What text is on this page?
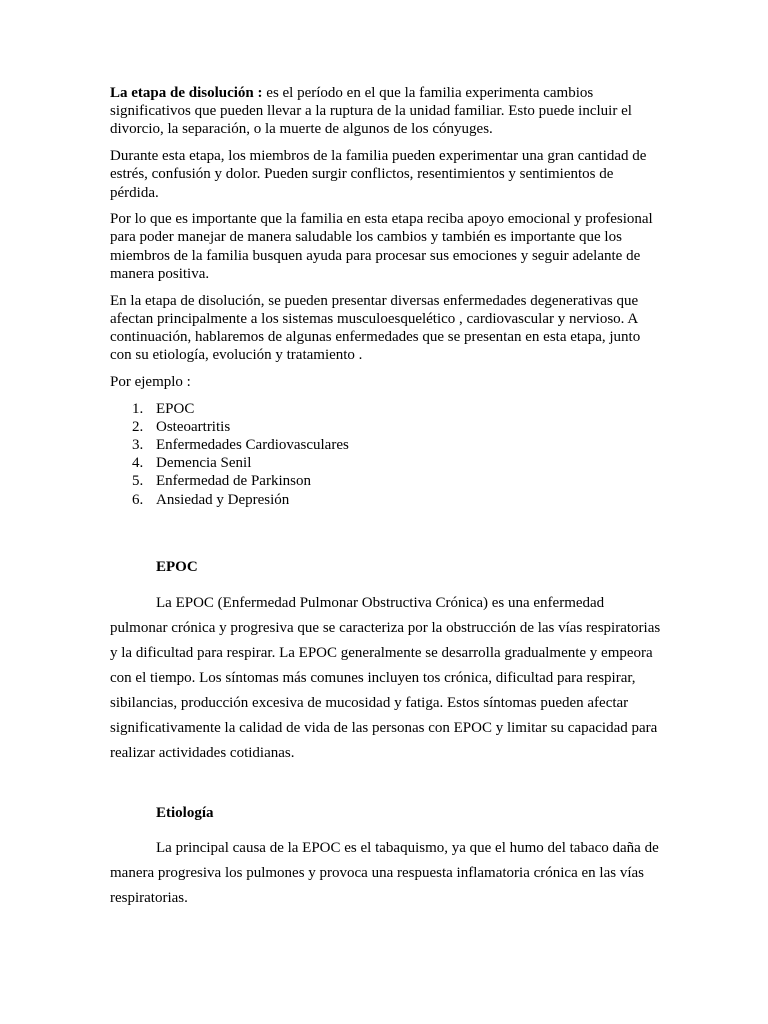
La etapa de disolución : es el período en el que la familia experimenta cambios significativos que pueden llevar a la ruptura de la unidad familiar. Esto puede incluir el divorcio, la separación, o la muerte de algunos de los cónyuges.

Durante esta etapa, los miembros de la familia pueden experimentar una gran cantidad de estrés, confusión y dolor. Pueden surgir conflictos, resentimientos y sentimientos de pérdida.

Por lo que es importante que la familia en esta etapa reciba apoyo emocional y profesional para poder manejar de manera saludable los cambios y también es importante que los miembros de la familia busquen ayuda para procesar sus emociones y seguir adelante de manera positiva.

En la etapa de disolución, se pueden presentar diversas enfermedades degenerativas que afectan principalmente a los sistemas musculoesquelético , cardiovascular y nervioso. A continuación, hablaremos de algunas enfermedades que se presentan en esta etapa, junto con su etiología, evolución y tratamiento .

Por ejemplo :

1. EPOC
2. Osteoartritis
3. Enfermedades Cardiovasculares
4. Demencia Senil
5. Enfermedad de Parkinson
6. Ansiedad y Depresión
EPOC

La EPOC (Enfermedad Pulmonar Obstructiva Crónica) es una enfermedad pulmonar crónica y progresiva que se caracteriza por la obstrucción de las vías respiratorias y la dificultad para respirar. La EPOC generalmente se desarrolla gradualmente y empeora con el tiempo. Los síntomas más comunes incluyen tos crónica, dificultad para respirar, sibilancias, producción excesiva de mucosidad y fatiga. Estos síntomas pueden afectar significativamente la calidad de vida de las personas con EPOC y limitar su capacidad para realizar actividades cotidianas.

Etiología

La principal causa de la EPOC es el tabaquismo, ya que el humo del tabaco daña de manera progresiva los pulmones y provoca una respuesta inflamatoria crónica en las vías respiratorias.
